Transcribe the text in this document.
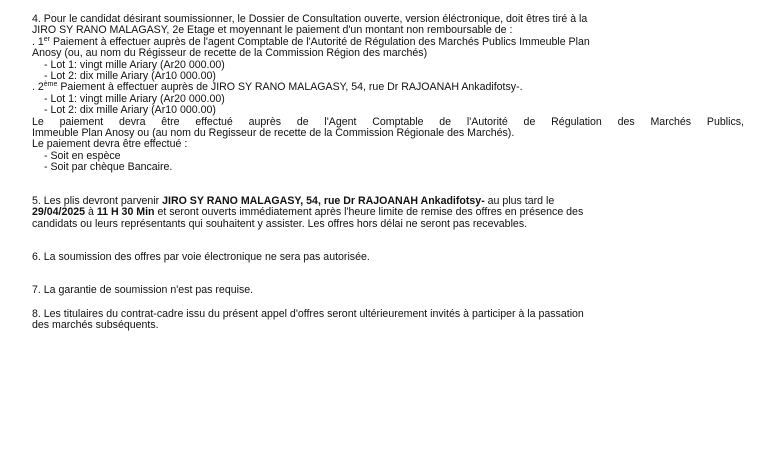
4. Pour le candidat désirant soumissionner, le Dossier de Consultation ouverte, version éléctronique, doit êtres tiré à la
JIRO SY RANO MALAGASY, 2e Etage et moyennant le paiement d'un montant non remboursable de :
. 1er Paiement à effectuer auprès de l'agent Comptable de l'Autorité de Régulation des Marchés Publics Immeuble Plan
Anosy (ou, au nom du Régisseur de recette de la Commission Région des marchés)
- Lot 1: vingt mille Ariary (Ar20 000.00)
- Lot 2: dix mille Ariary (Ar10 000.00)
. 2ème Paiement à effectuer auprès de JIRO SY RANO MALAGASY, 54, rue Dr RAJOANAH Ankadifotsy-.
- Lot 1: vingt mille Ariary (Ar20 000.00)
- Lot 2: dix mille Ariary (Ar10 000.00)
Le paiement devra être effectué auprès de l'Agent Comptable de l'Autorité de Régulation des Marchés Publics,
Immeuble Plan Anosy ou (au nom du Regisseur de recette de la Commission Régionale des Marchés).
Le paiement devra être effectué :
- Soit en espèce
- Soit par chèque Bancaire.
5. Les plis devront parvenir JIRO SY RANO MALAGASY, 54, rue Dr RAJOANAH Ankadifotsy- au plus tard le
29/04/2025 à 11 H 30 Min et seront ouverts immédiatement après l'heure limite de remise des offres en présence des
candidats ou leurs représentants qui souhaitent y assister. Les offres hors délai ne seront pas recevables.
6. La soumission des offres par voie électronique ne sera pas autorisée.
7. La garantie de soumission n'est pas requise.
8. Les titulaires du contrat-cadre issu du présent appel d'offres seront ultérieurement invités à participer à la passation
des marchés subséquents.
